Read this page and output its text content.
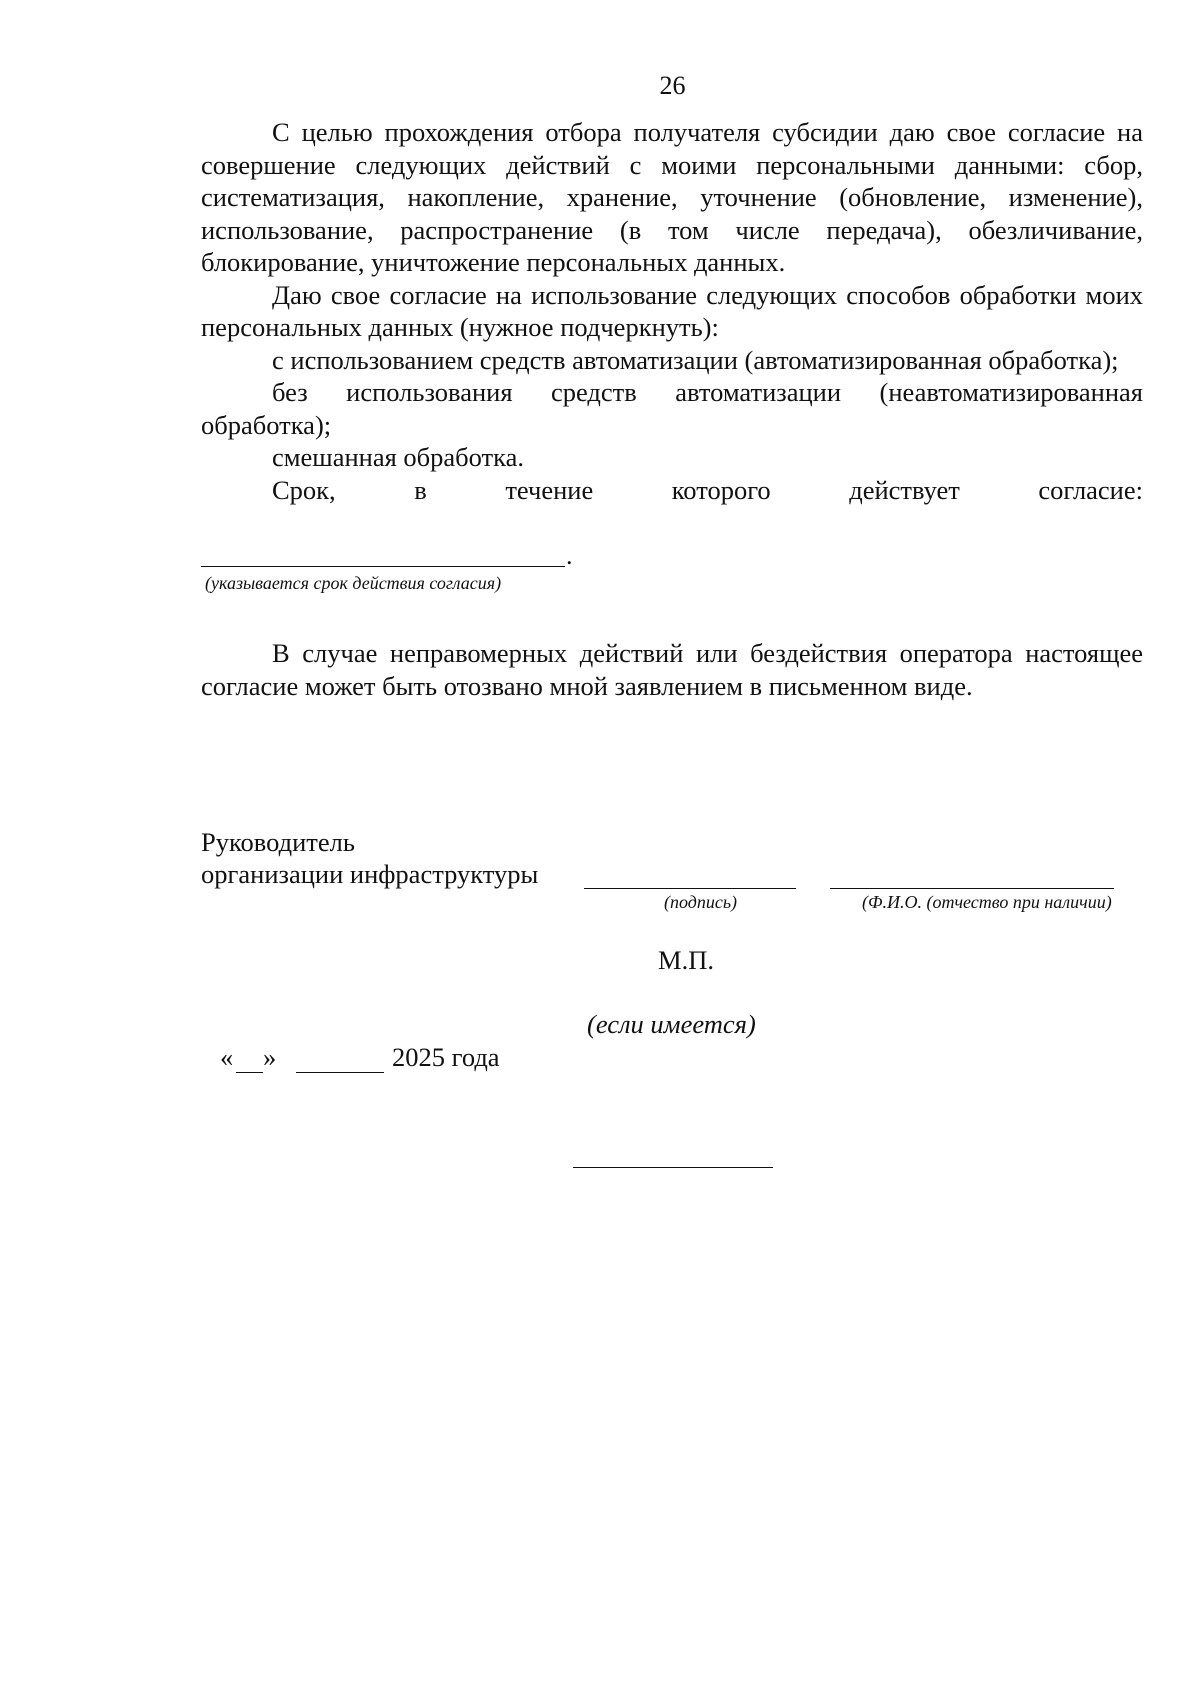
26

С целью прохождения отбора получателя субсидии даю свое согласие на совершение следующих действий с моими персональными данными: сбор, систематизация, накопление, хранение, уточнение (обновление, изменение), использование, распространение (в том числе передача), обезличивание, блокирование, уничтожение персональных данных.

Даю свое согласие на использование следующих способов обработки моих персональных данных (нужное подчеркнуть):

с использованием средств автоматизации (автоматизированная обработка);

без использования средств автоматизации (неавтоматизированная обработка);

смешанная обработка.

Срок, в течение которого действует согласие:

.
(указывается срок действия согласия)

В случае неправомерных действий или бездействия оператора настоящее согласие может быть отозвано мной заявлением в письменном виде.

Руководитель
организации инфраструктуры
(подпись)	(Ф.И.О. (отчество при наличии)
М.П.
(если имеется)
« »	2025 года
